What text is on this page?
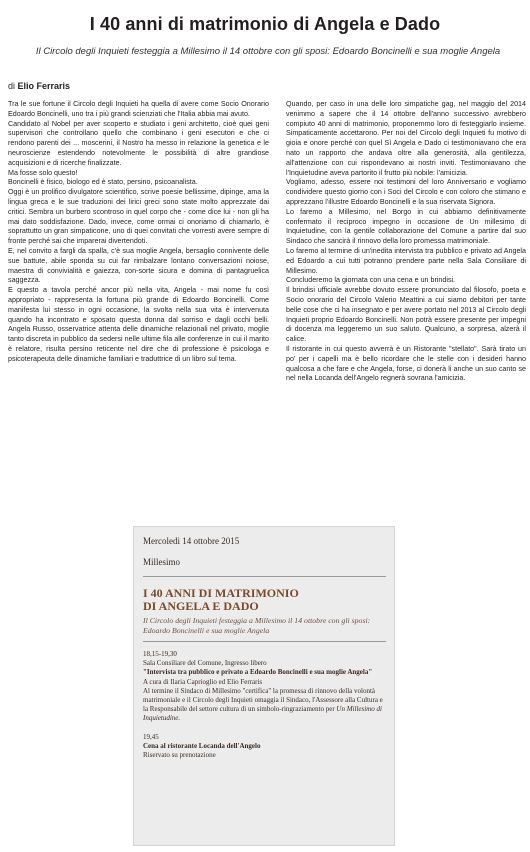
I 40 anni di matrimonio di Angela e Dado
Il Circolo degli Inquieti festeggia a Millesimo il 14 ottobre con gli sposi: Edoardo Boncinelli e sua moglie Angela
di Elio Ferraris

Tra le sue fortune il Circolo degli Inquieti ha quella di avere come Socio Onorario Edoardo Boncinelli, uno tra i più grandi scienziati che l'Italia abbia mai avuto.

Candidato al Nobel per aver scoperto e studiato i geni architetto, cioè quei geni supervisori che controllano quello che combinano i geni esecutori e che ci rendono parenti dei ... moscerini, il Nostro ha messo in relazione la genetica e le neuroscienze estendendo notevolmente le possibilità di altre grandiose acquisizioni e di ricerche finalizzate.

Ma fosse solo questo!

Boncinelli è fisico, biologo ed è stato, persino, psicoanalista.

Oggi è un prolifico divulgatore scientifico, scrive poesie bellissime, dipinge, ama la lingua greca e le sue traduzioni dei lirici greci sono state molto apprezzate dai critici. Sembra un burbero scontroso in quel corpo che - come dice lui - non gli ha mai dato soddisfazione. Dado, invece, come ormai ci onoriamo di chiamarlo, è soprattutto un gran simpaticone, uno di quei convitati che vorresti avere sempre di fronte perché sai che imparerai divertendoti.

E, nel convito a fargli da spalla, c'è sua moglie Angela, bersaglio connivente delle sue battute, abile sponda su cui far rimbalzare lontano conversazioni noiose, maestra di convivialità e gaiezza, con-sorte sicura e domina di pantagruelica saggezza.

E questo a tavola perché ancor più nella vita, Angela - mai nome fu così appropriato - rappresenta la fortuna più grande di Edoardo Boncinelli. Come manifesta lui stesso in ogni occasione, la svolta nella sua vita è intervenuta quando ha incontrato e sposato questa donna dal sorriso e dagli occhi belli. Angela Russo, osservatrice attenta delle dinamiche relazionali nel privato, moglie tanto discreta in pubblico da sedersi nelle ultime fila alle conferenze in cui il marito è relatore, risulta persino reticente nel dire che di professione è psicologa e psicoterapeuta delle dinamiche familiari e traduttrice di un libro sul tema.

Quando, per caso in una delle loro simpatiche gag, nel maggio del 2014 venimmo a sapere che il 14 ottobre dell'anno successivo avrebbero compiuto 40 anni di matrimonio, proponemmo loro di festeggiarlo insieme. Simpaticamente accettarono. Per noi del Circolo degli Inquieti fu motivo di gioia e onore perché con quel Sì Angela e Dado ci testimoniavano che era nato un rapporto che andava oltre alla generosità, alla gentilezza, all'attenzione con cui rispondevano ai nostri inviti. Testimoniavano che l'Inquietudine aveva partorito il frutto più nobile: l'amicizia.

Vogliamo, adesso, essere noi testimoni del loro Anniversario e vogliamo condividere questo giorno con i Soci del Circolo e con coloro che stimano e apprezzano l'illustre Edoardo Boncinelli e la sua riservata Signora.

Lo faremo a Millesimo, nel Borgo in cui abbiamo definitivamente confermato il reciproco impegno in occasione de Un millesimo di Inquietudine, con la gentile collaborazione del Comune a partire dal suo Sindaco che sancirà il rinnovo della loro promessa matrimoniale.

Lo faremo al termine di un'inedita intervista tra pubblico e privato ad Angela ed Edoardo a cui tutti potranno prendere parte nella Sala Consiliare di Millesimo.

Concluderemo la giornata con una cena e un brindisi.

Il brindisi ufficiale avrebbe dovuto essere pronunciato dal filosofo, poeta e Socio onorario del Circolo Valerio Meattini a cui siamo debitori per tante belle cose che ci ha insegnato e per avere portato nel 2013 al Circolo degli Inquieti proprio Edoardo Boncinelli. Non potrà essere presente per impegni di docenza ma leggeremo un suo saluto. Qualcuno, a sorpresa, alzerà il calice.

Il ristorante in cui questo avverrà è un Ristorante "stellato". Sarà tirato un po' per i capelli ma è bello ricordare che le stelle con i desideri hanno qualcosa a che fare e che Angela, forse, ci donerà li anche un suo canto se nel nella Locanda dell'Angelo regnerà sovrana l'amicizia.

Mercoledì 14 ottobre 2015
Millesimo
I 40 ANNI DI MATRIMONIO
DI ANGELA E DADO
Il Circolo degli Inquieti festeggia a Millesimo il 14 ottobre con gli sposi: Edoardo Boncinelli e sua moglie Angela

18,15-19,30

Sala Consiliare del Comune, Ingresso libero

"Intervista tra pubblico e privato a Edoardo Boncinelli e sua moglie Angela"

A cura di Ilaria Caprioglio ed Elio Ferraris

Al termine il Sindaco di Millesimo "certifica" la promessa di rinnovo della volontà matrimoniale e il Circolo degli Inquieti omaggia il Sindaco, l'Assessore alla Cultura e la Responsabile del settore cultura di un simbolo-ringraziamento per Un Millesimo di Inquietudine.

19,45

Cena al ristorante Locanda dell'Angelo

Riservato su prenotazione
